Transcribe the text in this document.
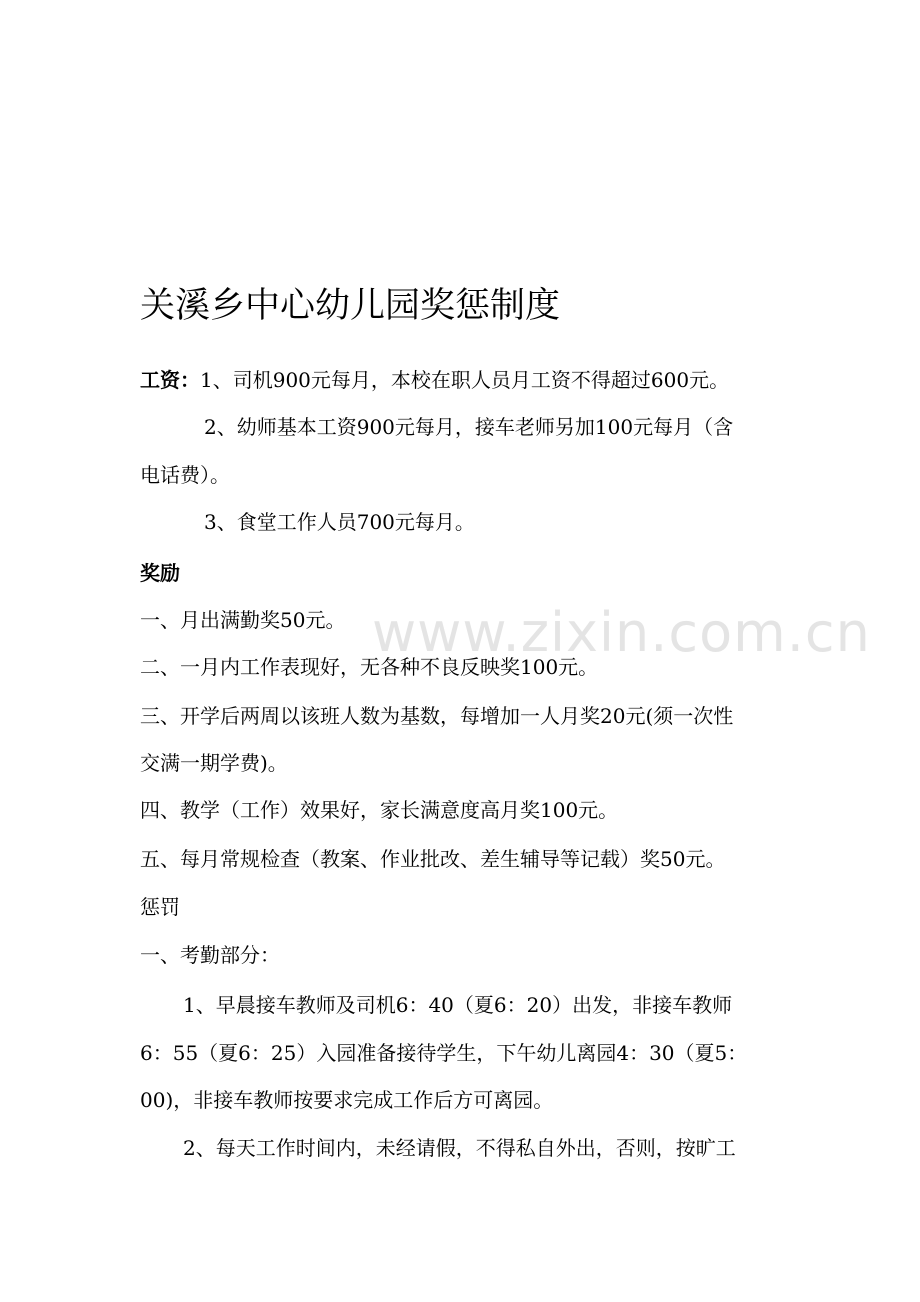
www.zixin.com.cn
关溪乡中心幼儿园奖惩制度
工资：1、司机900元每月，本校在职人员月工资不得超过600元。
2、幼师基本工资900元每月，接车老师另加100元每月（含
电话费）。
3、食堂工作人员700元每月。
奖励
一、月出满勤奖50元。
二、一月内工作表现好，无各种不良反映奖100元。
三、开学后两周以该班人数为基数，每增加一人月奖20元(须一次性
交满一期学费)。
四、教学（工作）效果好，家长满意度高月奖100元。
五、每月常规检查（教案、作业批改、差生辅导等记载）奖50元。
惩罚
一、考勤部分：
1、早晨接车教师及司机6：40（夏6：20）出发，非接车教师
6：55（夏6：25）入园准备接待学生，下午幼儿离园4：30（夏5：
00)，非接车教师按要求完成工作后方可离园。
2、每天工作时间内，未经请假，不得私自外出，否则，按旷工
